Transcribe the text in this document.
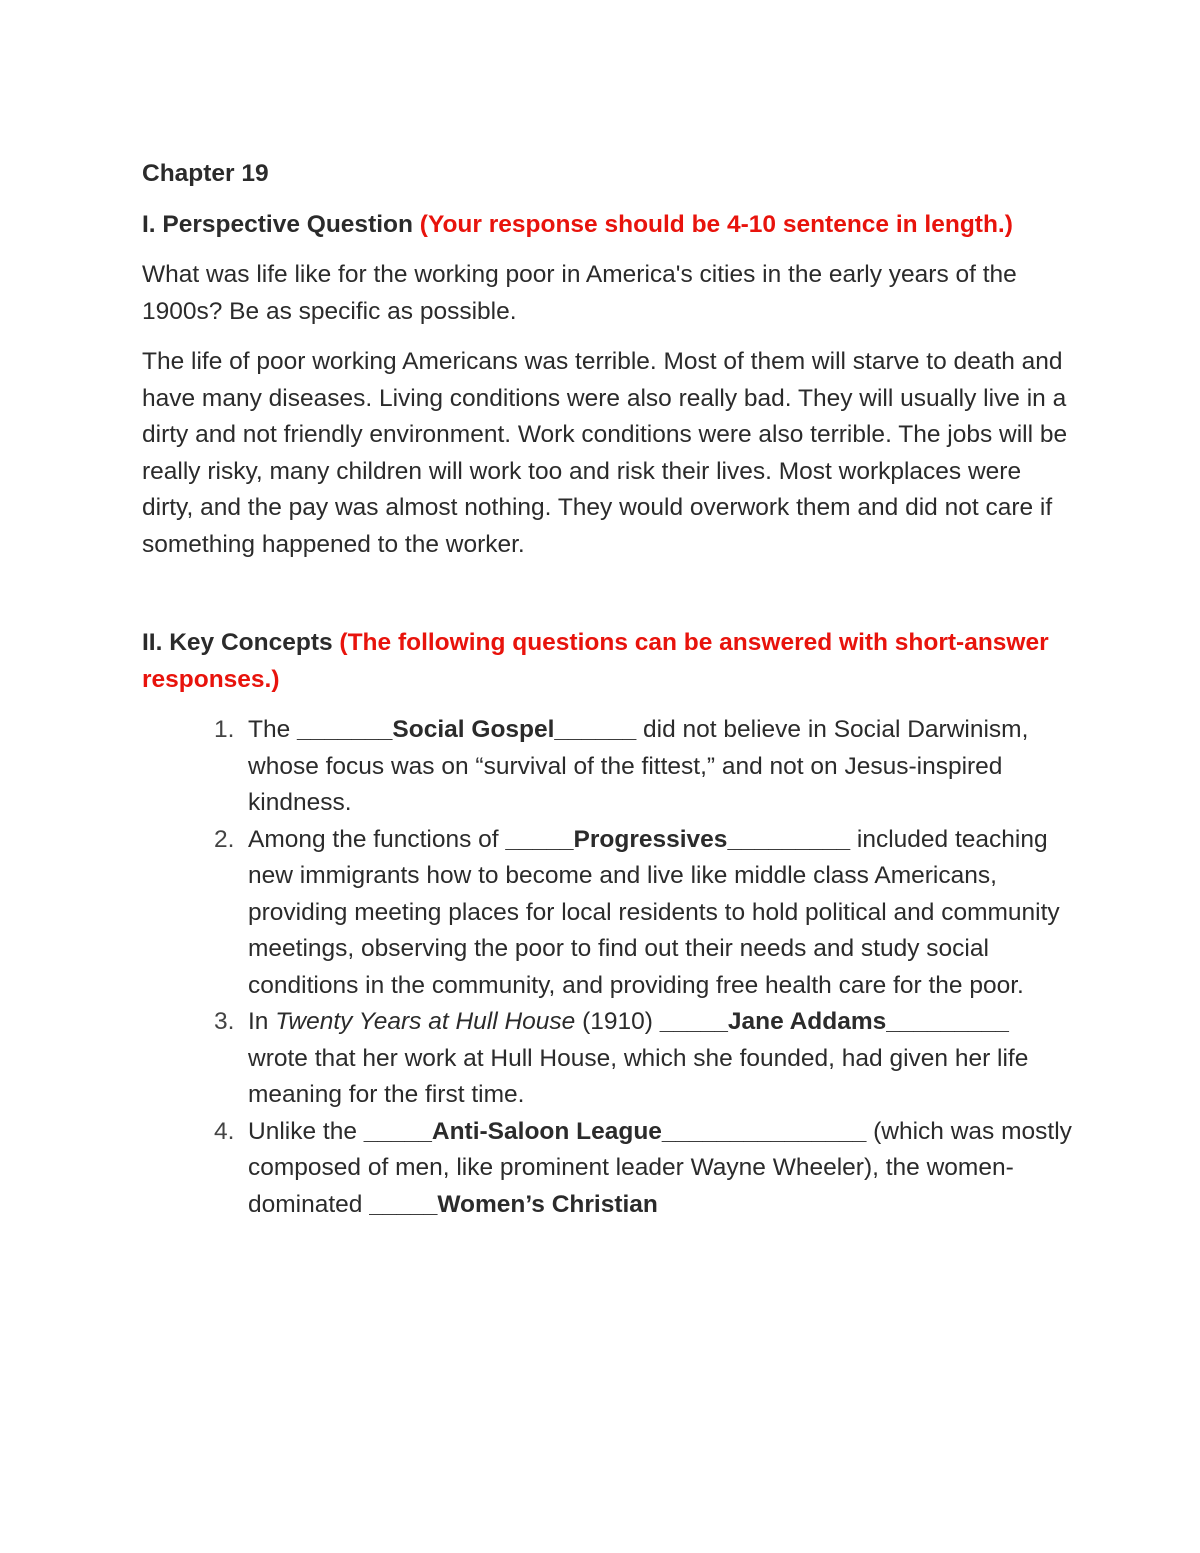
Chapter 19
I. Perspective Question (Your response should be 4-10 sentence in length.)

What was life like for the working poor in America's cities in the early years of the 1900s? Be as specific as possible.

The life of poor working Americans was terrible. Most of them will starve to death and have many diseases. Living conditions were also really bad. They will usually live in a dirty and not friendly environment. Work conditions were also terrible. The jobs will be really risky, many children will work too and risk their lives. Most workplaces were dirty, and the pay was almost nothing. They would overwork them and did not care if something happened to the worker.

II. Key Concepts (The following questions can be answered with short-answer responses.)
1. The _______Social Gospel______ did not believe in Social Darwinism, whose focus was on “survival of the fittest,” and not on Jesus-inspired kindness.
2. Among the functions of _____Progressives_________ included teaching new immigrants how to become and live like middle class Americans, providing meeting places for local residents to hold political and community meetings, observing the poor to find out their needs and study social conditions in the community, and providing free health care for the poor.
3. In Twenty Years at Hull House (1910) _____Jane Addams_________ wrote that her work at Hull House, which she founded, had given her life meaning for the first time.
4. Unlike the _____Anti-Saloon League_______________ (which was mostly composed of men, like prominent leader Wayne Wheeler), the women-dominated _____Women’s Christian
